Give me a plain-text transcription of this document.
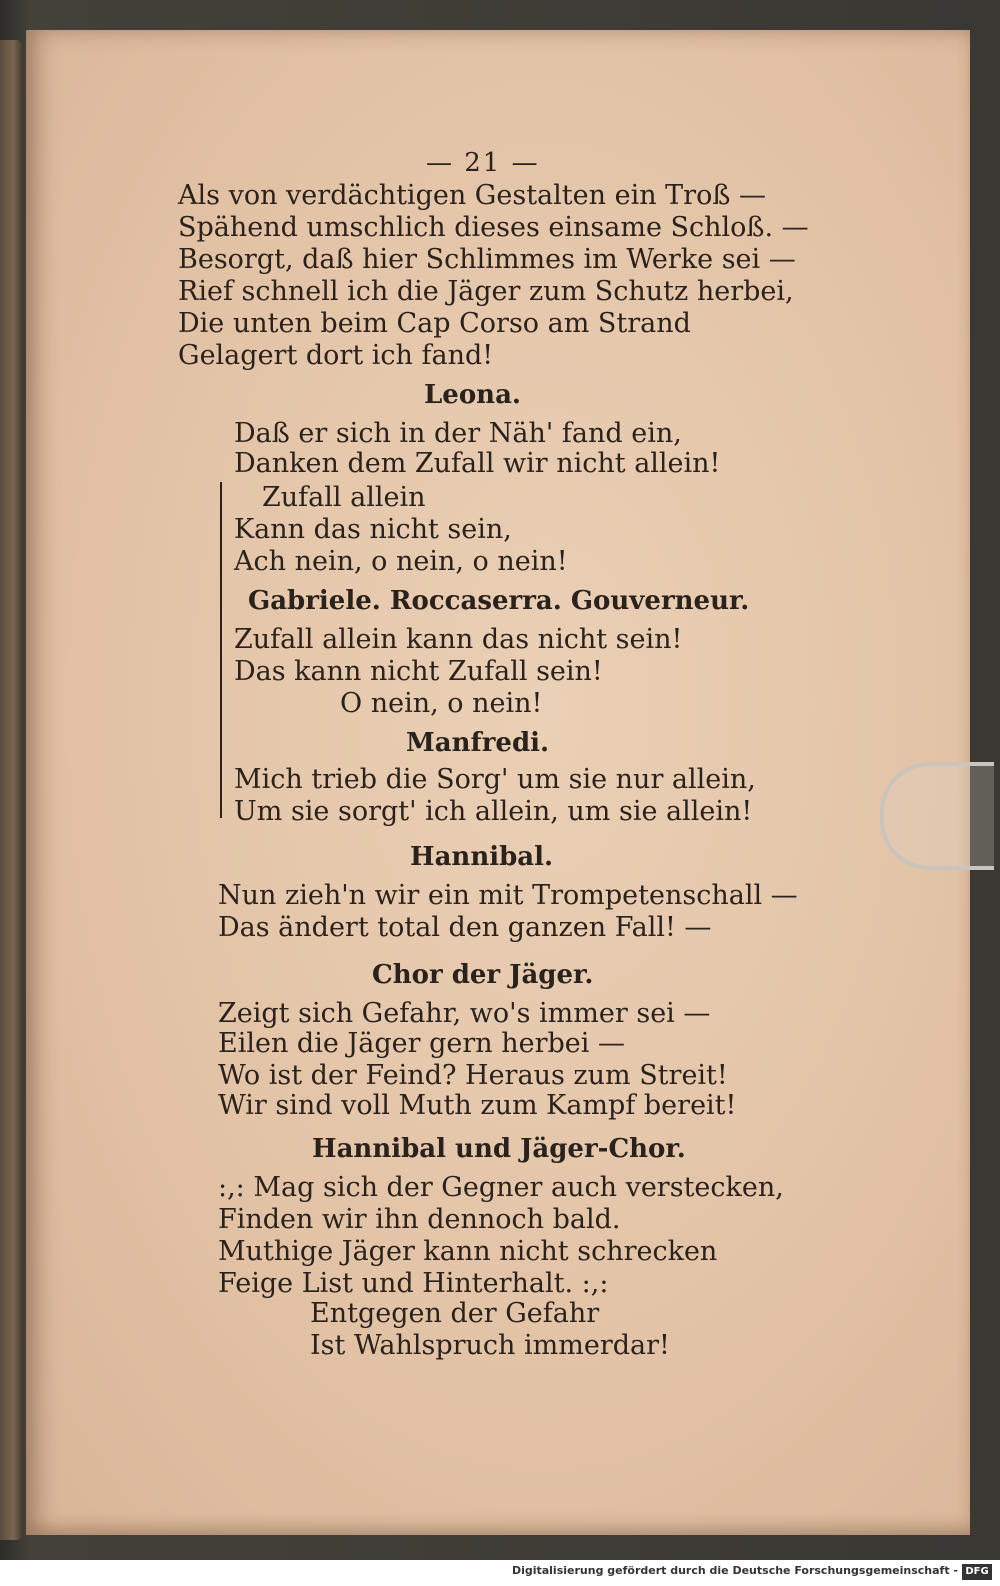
— 21 —
Als von verdächtigen Gestalten ein Troß —
Spähend umschlich dieses einsame Schloß. —
Besorgt, daß hier Schlimmes im Werke sei —
Rief schnell ich die Jäger zum Schutz herbei,
Die unten beim Cap Corso am Strand
Gelagert dort ich fand!
Leona.
Daß er sich in der Näh' fand ein,
Danken dem Zufall wir nicht allein!
Zufall allein
Kann das nicht sein,
Ach nein, o nein, o nein!
Gabriele. Roccaserra. Gouverneur.
Zufall allein kann das nicht sein!
Das kann nicht Zufall sein!
O nein, o nein!
Manfredi.
Mich trieb die Sorg' um sie nur allein,
Um sie sorgt' ich allein, um sie allein!
Hannibal.
Nun zieh'n wir ein mit Trompetenschall —
Das ändert total den ganzen Fall! —
Chor der Jäger.
Zeigt sich Gefahr, wo's immer sei —
Eilen die Jäger gern herbei —
Wo ist der Feind? Heraus zum Streit!
Wir sind voll Muth zum Kampf bereit!
Hannibal und Jäger-Chor.
:,: Mag sich der Gegner auch verstecken,
Finden wir ihn dennoch bald.
Muthige Jäger kann nicht schrecken
Feige List und Hinterhalt. :,:
Entgegen der Gefahr
Ist Wahlspruch immerdar!
Digitalisierung gefördert durch die Deutsche Forschungsgemeinschaft - DFG
